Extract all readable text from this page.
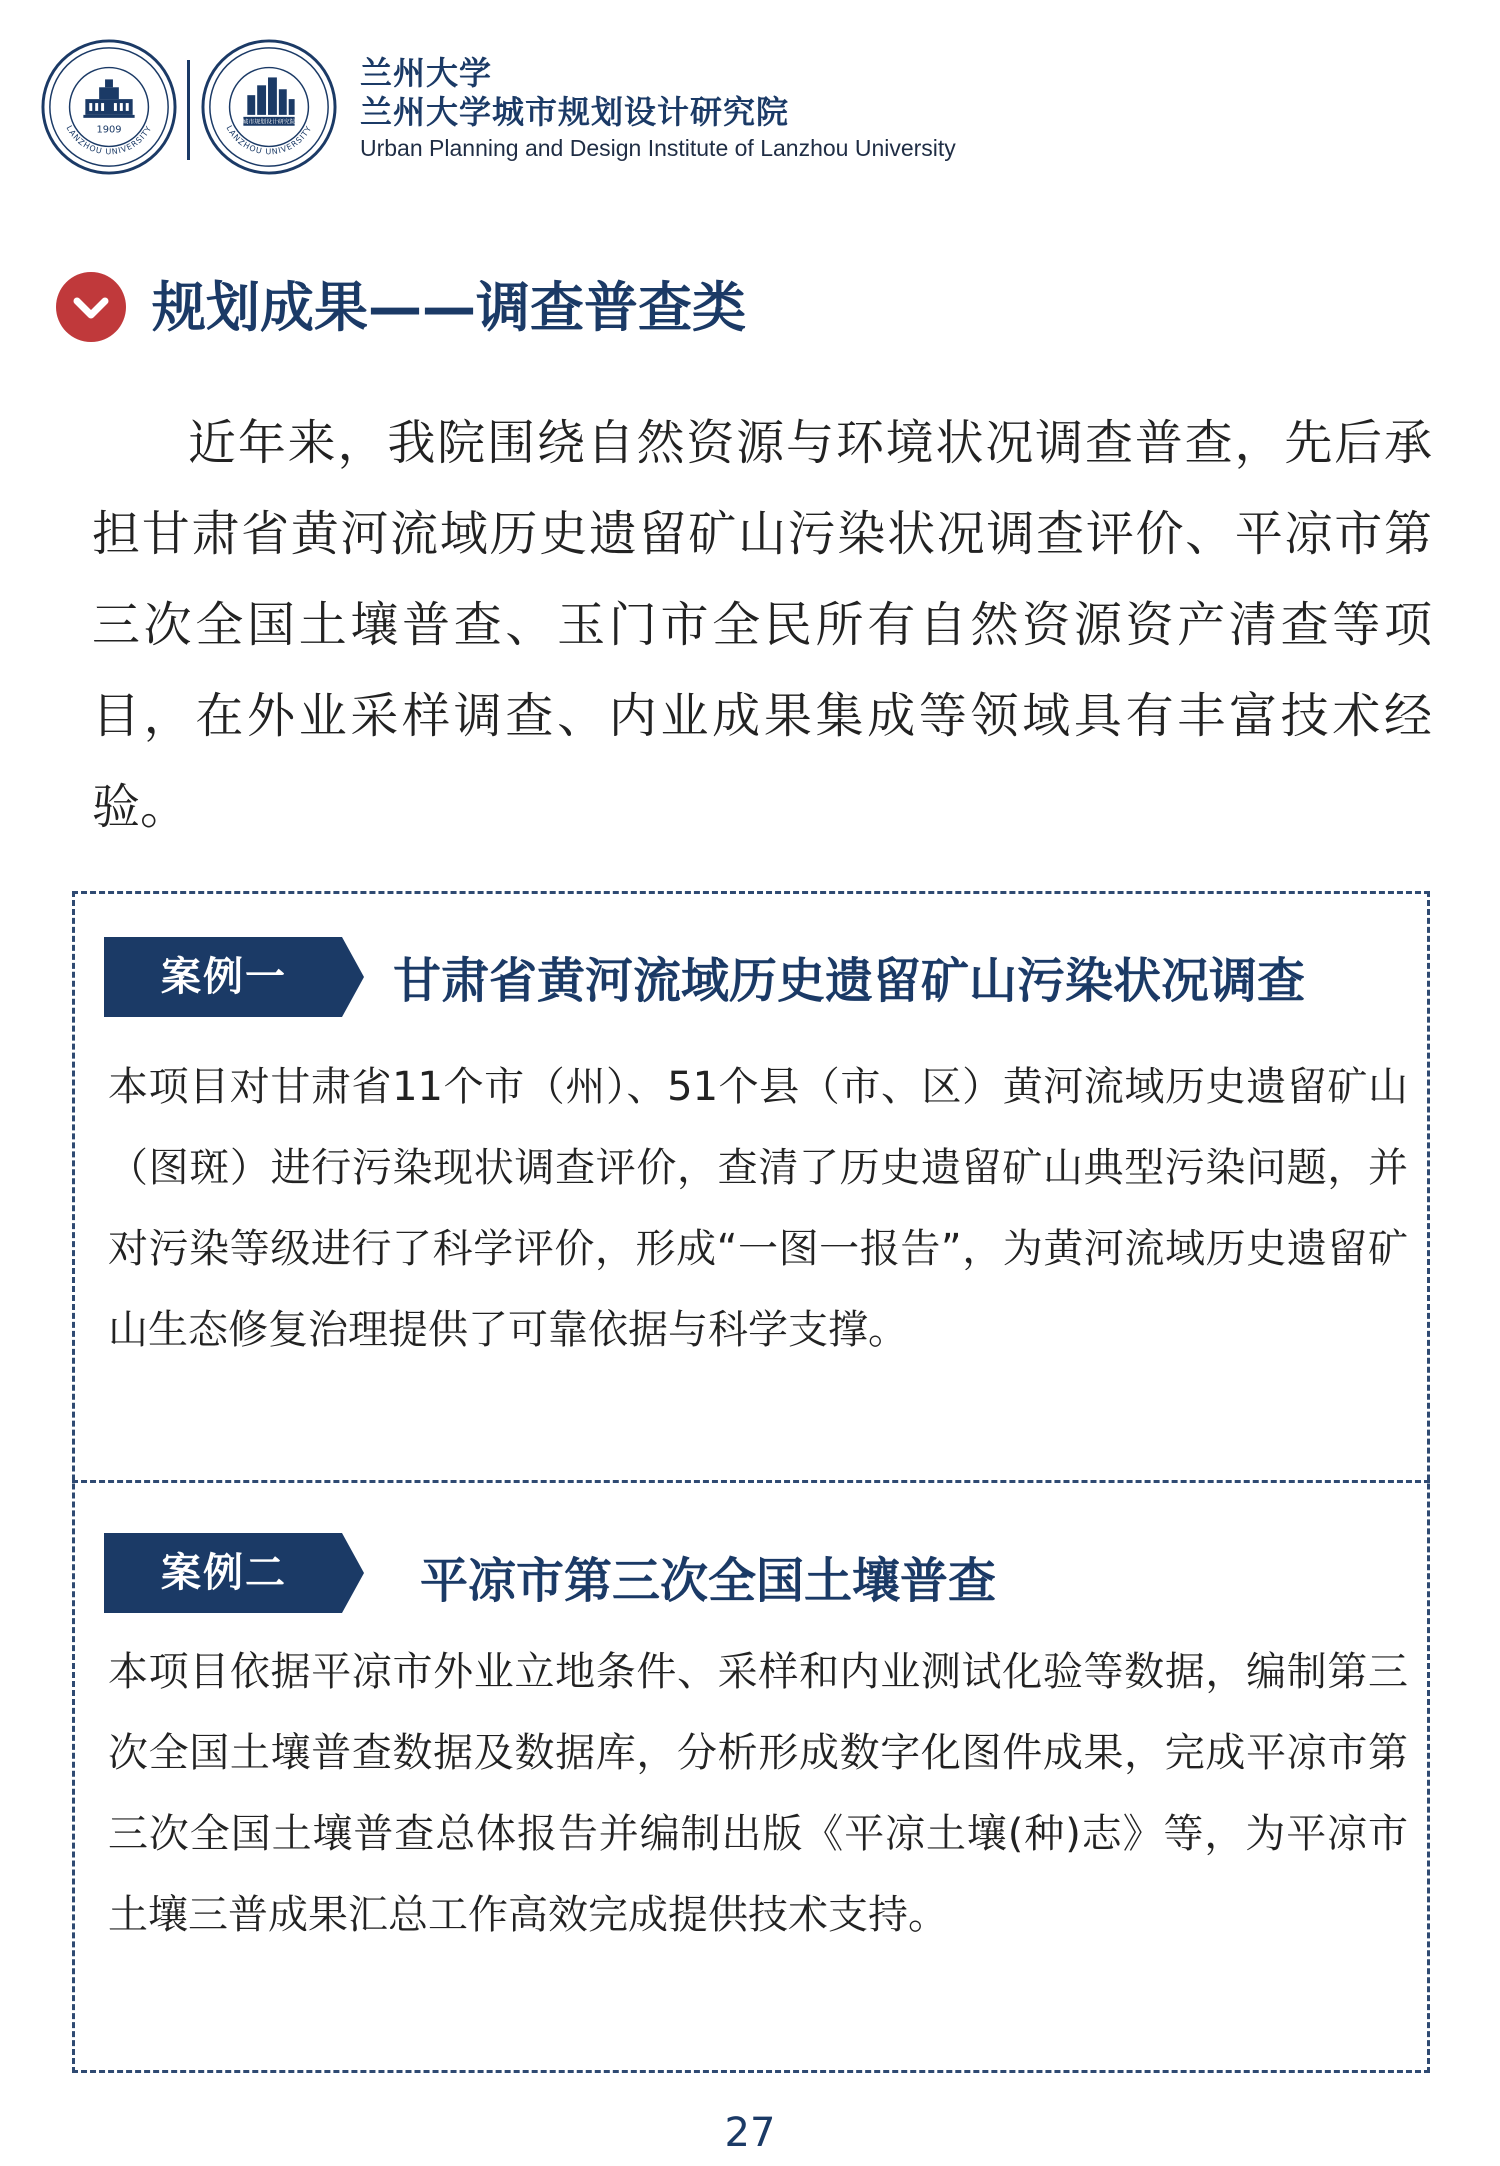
1909
LANZHOU UNIVERSITY
城市规划设计研究院
LANZHOU UNIVERSITY
兰州大学
兰州大学城市规划设计研究院
Urban Planning and Design Institute of Lanzhou University
规划成果——调查普查类

近年来，我院围绕自然资源与环境状况调查普查，先后承担甘肃省黄河流域历史遗留矿山污染状况调查评价、平凉市第三次全国土壤普查、玉门市全民所有自然资源资产清查等项目，在外业采样调查、内业成果集成等领域具有丰富技术经验。

案例一	甘肃省黄河流域历史遗留矿山污染状况调查

本项目对甘肃省11个市（州）、51个县（市、区）黄河流域历史遗留矿山（图斑）进行污染现状调查评价，查清了历史遗留矿山典型污染问题，并对污染等级进行了科学评价，形成“一图一报告”，为黄河流域历史遗留矿山生态修复治理提供了可靠依据与科学支撑。

案例二	平凉市第三次全国土壤普查

本项目依据平凉市外业立地条件、采样和内业测试化验等数据，编制第三次全国土壤普查数据及数据库，分析形成数字化图件成果，完成平凉市第三次全国土壤普查总体报告并编制出版《平凉土壤(种)志》等，为平凉市土壤三普成果汇总工作高效完成提供技术支持。

27
